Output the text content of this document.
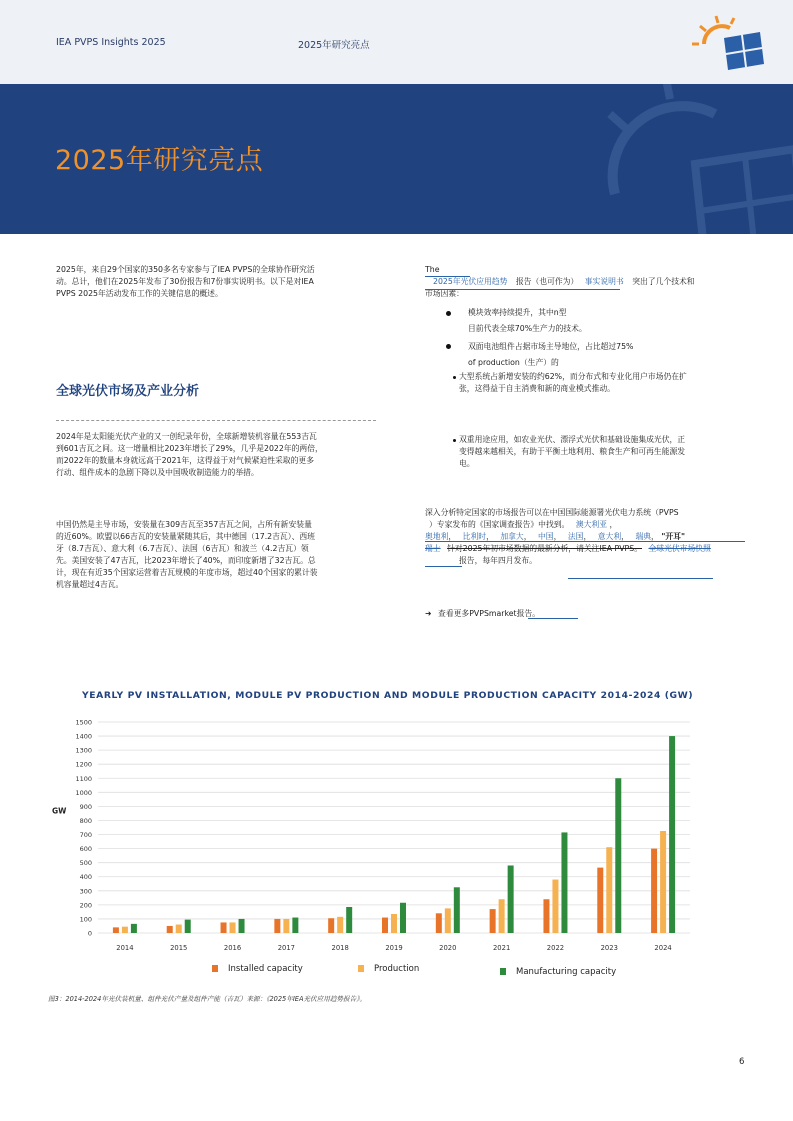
IEA PVPS Insights 2025	2025年研究亮点
2025年研究亮点
2025年，来自29个国家的350多名专家参与了IEA PVPS的全球协作研究活
动。总计，他们在2025年发布了30份报告和7份事实说明书。以下是对IEA
PVPS 2025年活动发布工作的关键信息的概述。
全球光伏市场及产业分析
2024年是太阳能光伏产业的又一创纪录年份，全球新增装机容量在553吉瓦
到601吉瓦之间。这一增量相比2023年增长了29%，几乎是2022年的两倍，
而2022年的数量本身就远高于2021年，这得益于对气候紧迫性采取的更多
行动、组件成本的急剧下降以及中国吸收制造能力的举措。
中国仍然是主导市场，安装量在309吉瓦至357吉瓦之间，占所有新安装量
的近60%。欧盟以66吉瓦的安装量紧随其后，其中德国（17.2吉瓦）、西班
牙（8.7吉瓦）、意大利（6.7吉瓦）、法国（6吉瓦）和波兰（4.2吉瓦）领
先。美国安装了47吉瓦，比2023年增长了40%，而印度新增了32吉瓦。总
计，现在有近35个国家运营着吉瓦规模的年度市场，超过40个国家的累计装
机容量超过4吉瓦。
The
2025年光伏应用趋势 报告（也可作为） 事实说明书 突出了几个技术和
市场因素：
模块效率持续提升，其中n型
目前代表全球70%生产力的技术。
双面电池组件占据市场主导地位，占比超过75%
of production（生产）的
大型系统占新增安装的约62%，而分布式和专业化用户市场仍在扩
张，这得益于自主消费和新的商业模式推动。
双重用途应用，如农业光伏、漂浮式光伏和基础设施集成光伏，正
变得越来越相关，有助于平衡土地利用、粮食生产和可再生能源发
电。
深入分析特定国家的市场报告可以在中国国际能源署光伏电力系统（PVPS
）专家发布的《国家调查报告》中找到。 澳大利亚 ，
奥地利， 比利时， 加拿大， 中国， 法国， 意大利， 瑞典， "开耳"
瑞士 针对2025年初市场数据的最新分析，请关注IEA PVPS。 全球光伏市场快照
报告，每年四月发布。
➜ 查看更多PVPSmarket报告。
YEARLY PV INSTALLATION, MODULE PV PRODUCTION AND MODULE PRODUCTION CAPACITY 2014-2024 (GW)
0
100
200
300
400
500
600
700
800
900
1000
1100
1200
1300
1400
1500
GW
2014	2015	2016	2017	2018	2019	2020	2021	2022	2023	2024
Installed capacity	Production	Manufacturing capacity
图3：2014-2024年光伏装机量、组件光伏产量及组件产能（吉瓦）来源：《2025年IEA光伏应用趋势报告》。
6
